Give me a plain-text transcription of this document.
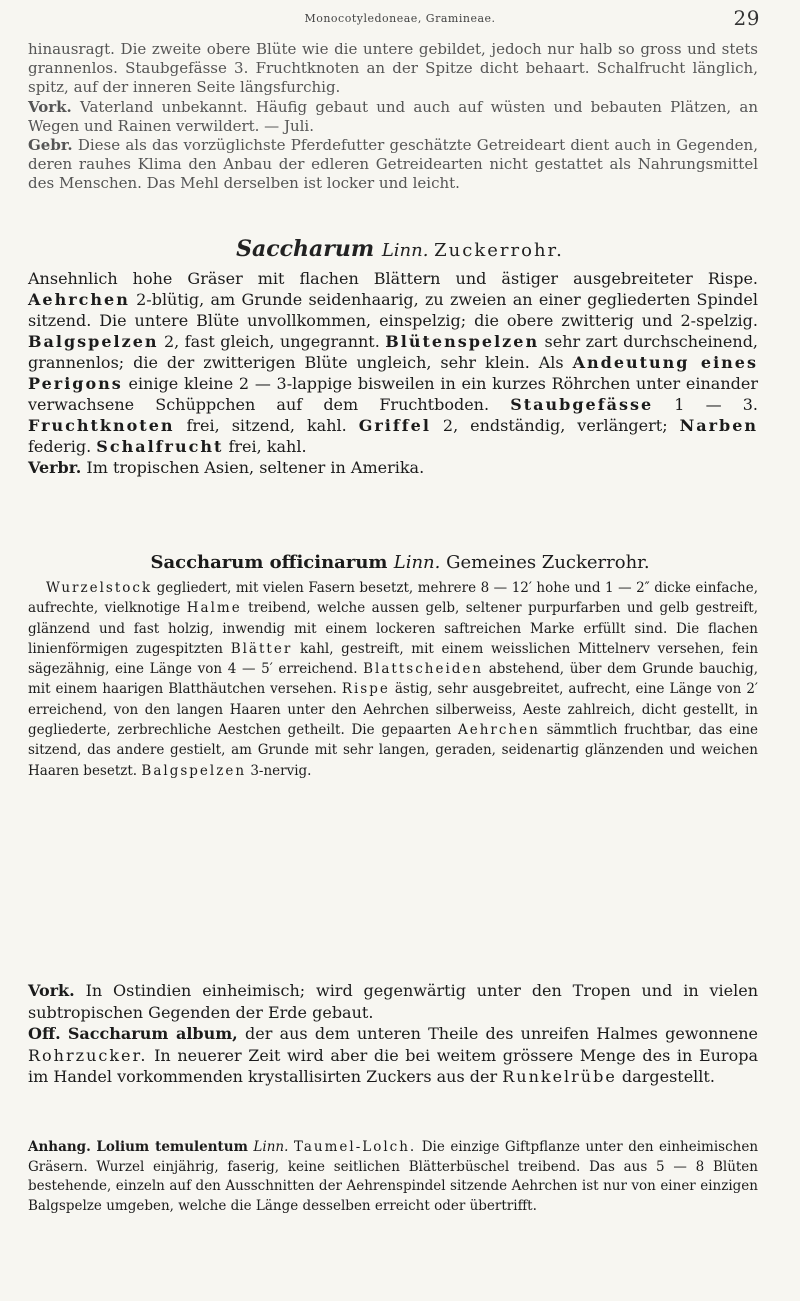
Monocotyledoneae, Gramineae.	29

hinausragt. Die zweite obere Blüte wie die untere gebildet, jedoch nur halb so gross und stets grannenlos. Staubgefässe 3. Fruchtknoten an der Spitze dicht behaart. Schalfrucht länglich, spitz, auf der inneren Seite längsfurchig.

Vork. Vaterland unbekannt. Häufig gebaut und auch auf wüsten und bebauten Plätzen, an Wegen und Rainen verwildert. — Juli.

Gebr. Diese als das vorzüglichste Pferdefutter geschätzte Getreideart dient auch in Gegenden, deren rauhes Klima den Anbau der edleren Getreidearten nicht gestattet als Nahrungsmittel des Menschen. Das Mehl derselben ist locker und leicht.

Saccharum Linn. Zuckerrohr.

Ansehnlich hohe Gräser mit flachen Blättern und ästiger ausgebreiteter Rispe. Aehrchen 2-blütig, am Grunde seidenhaarig, zu zweien an einer gegliederten Spindel sitzend. Die untere Blüte unvollkommen, einspelzig; die obere zwitterig und 2-spelzig. Balgspelzen 2, fast gleich, ungegrannt. Blütenspelzen sehr zart durchscheinend, grannenlos; die der zwitterigen Blüte ungleich, sehr klein. Als Andeutung eines Perigons einige kleine 2 — 3-lappige bisweilen in ein kurzes Röhrchen unter einander verwachsene Schüppchen auf dem Fruchtboden. Staubgefässe 1 — 3. Fruchtknoten frei, sitzend, kahl. Griffel 2, endständig, verlängert; Narben federig. Schalfrucht frei, kahl.

Verbr. Im tropischen Asien, seltener in Amerika.

Saccharum officinarum Linn. Gemeines Zuckerrohr.

Wurzelstock gegliedert, mit vielen Fasern besetzt, mehrere 8 — 12′ hohe und 1 — 2″ dicke einfache, aufrechte, vielknotige Halme treibend, welche aussen gelb, seltener purpurfarben und gelb gestreift, glänzend und fast holzig, inwendig mit einem lockeren saftreichen Marke erfüllt sind. Die flachen linienförmigen zugespitzten Blätter kahl, gestreift, mit einem weisslichen Mittelnerv versehen, fein sägezähnig, eine Länge von 4 — 5′ erreichend. Blattscheiden abstehend, über dem Grunde bauchig, mit einem haarigen Blatthäutchen versehen. Rispe ästig, sehr ausgebreitet, aufrecht, eine Länge von 2′ erreichend, von den langen Haaren unter den Aehrchen silberweiss, Aeste zahlreich, dicht gestellt, in gegliederte, zerbrechliche Aestchen getheilt. Die gepaarten Aehrchen sämmtlich fruchtbar, das eine sitzend, das andere gestielt, am Grunde mit sehr langen, geraden, seidenartig glänzenden und weichen Haaren besetzt. Balgspelzen 3-nervig.

Vork. In Ostindien einheimisch; wird gegenwärtig unter den Tropen und in vielen subtropischen Gegenden der Erde gebaut.

Off. Saccharum album, der aus dem unteren Theile des unreifen Halmes gewonnene Rohrzucker. In neuerer Zeit wird aber die bei weitem grössere Menge des in Europa im Handel vorkommenden krystallisirten Zuckers aus der Runkelrübe dargestellt.

Anhang. Lolium temulentum Linn. Taumel-Lolch. Die einzige Giftpflanze unter den einheimischen Gräsern. Wurzel einjährig, faserig, keine seitlichen Blätterbüschel treibend. Das aus 5 — 8 Blüten bestehende, einzeln auf den Ausschnitten der Aehrenspindel sitzende Aehrchen ist nur von einer einzigen Balgspelze umgeben, welche die Länge desselben erreicht oder übertrifft.
